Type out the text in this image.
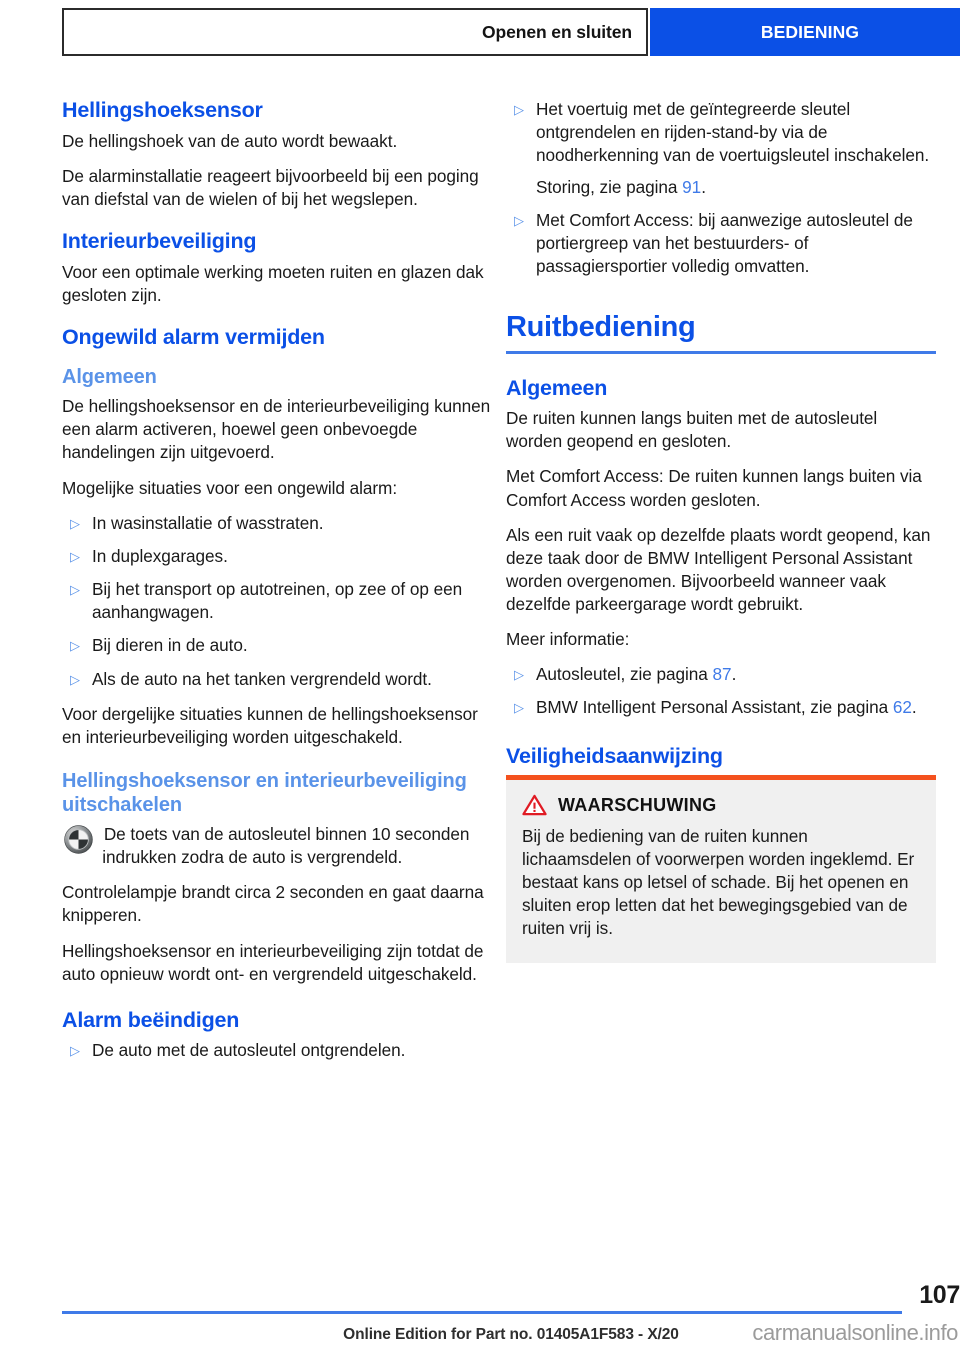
Openen en sluiten	BEDIENING
Hellingshoeksensor

De hellingshoek van de auto wordt bewaakt.

De alarminstallatie reageert bijvoorbeeld bij een poging van diefstal van de wielen of bij het wegslepen.

Interieurbeveiliging

Voor een optimale werking moeten ruiten en glazen dak gesloten zijn.

Ongewild alarm vermijden
Algemeen

De hellingshoeksensor en de interieurbeveiliging kunnen een alarm activeren, hoewel geen onbevoegde handelingen zijn uitgevoerd.

Mogelijke situaties voor een ongewild alarm:

▷ In wasinstallatie of wasstraten.
▷ In duplexgarages.
▷ Bij het transport op autotreinen, op zee of op een aanhangwagen.
▷ Bij dieren in de auto.
▷ Als de auto na het tanken vergrendeld wordt.

Voor dergelijke situaties kunnen de hellingshoeksensor en interieurbeveiliging worden uitgeschakeld.

Hellingshoeksensor en interieurbeveiliging uitschakelen
De toets van de autosleutel binnen 10 seconden indrukken zodra de auto is vergrendeld.

Controlelampje brandt circa 2 seconden en gaat daarna knipperen.

Hellingshoeksensor en interieurbeveiliging zijn totdat de auto opnieuw wordt ont- en vergrendeld uitgeschakeld.

Alarm beëindigen
▷ De auto met de autosleutel ontgrendelen.
▷ Het voertuig met de geïntegreerde sleutel ontgrendelen en rijden-stand-by via de noodherkenning van de voertuigsleutel inschakelen.
Storing, zie pagina 91.
▷ Met Comfort Access: bij aanwezige autosleutel de portiergreep van het bestuurders- of passagiersportier volledig omvatten.
Ruitbediening
Algemeen

De ruiten kunnen langs buiten met de autosleutel worden geopend en gesloten.

Met Comfort Access: De ruiten kunnen langs buiten via Comfort Access worden gesloten.

Als een ruit vaak op dezelfde plaats wordt geopend, kan deze taak door de BMW Intelligent Personal Assistant worden overgenomen. Bijvoorbeeld wanneer vaak dezelfde parkeergarage wordt gebruikt.

Meer informatie:

▷ Autosleutel, zie pagina 87.
▷ BMW Intelligent Personal Assistant, zie pagina 62.
Veiligheidsaanwijzing
WAARSCHUWING

Bij de bediening van de ruiten kunnen lichaamsdelen of voorwerpen worden ingeklemd. Er bestaat kans op letsel of schade. Bij het openen en sluiten erop letten dat het bewegingsgebied van de ruiten vrij is.

107
Online Edition for Part no. 01405A1F583 - X/20	carmanualsonline.info
